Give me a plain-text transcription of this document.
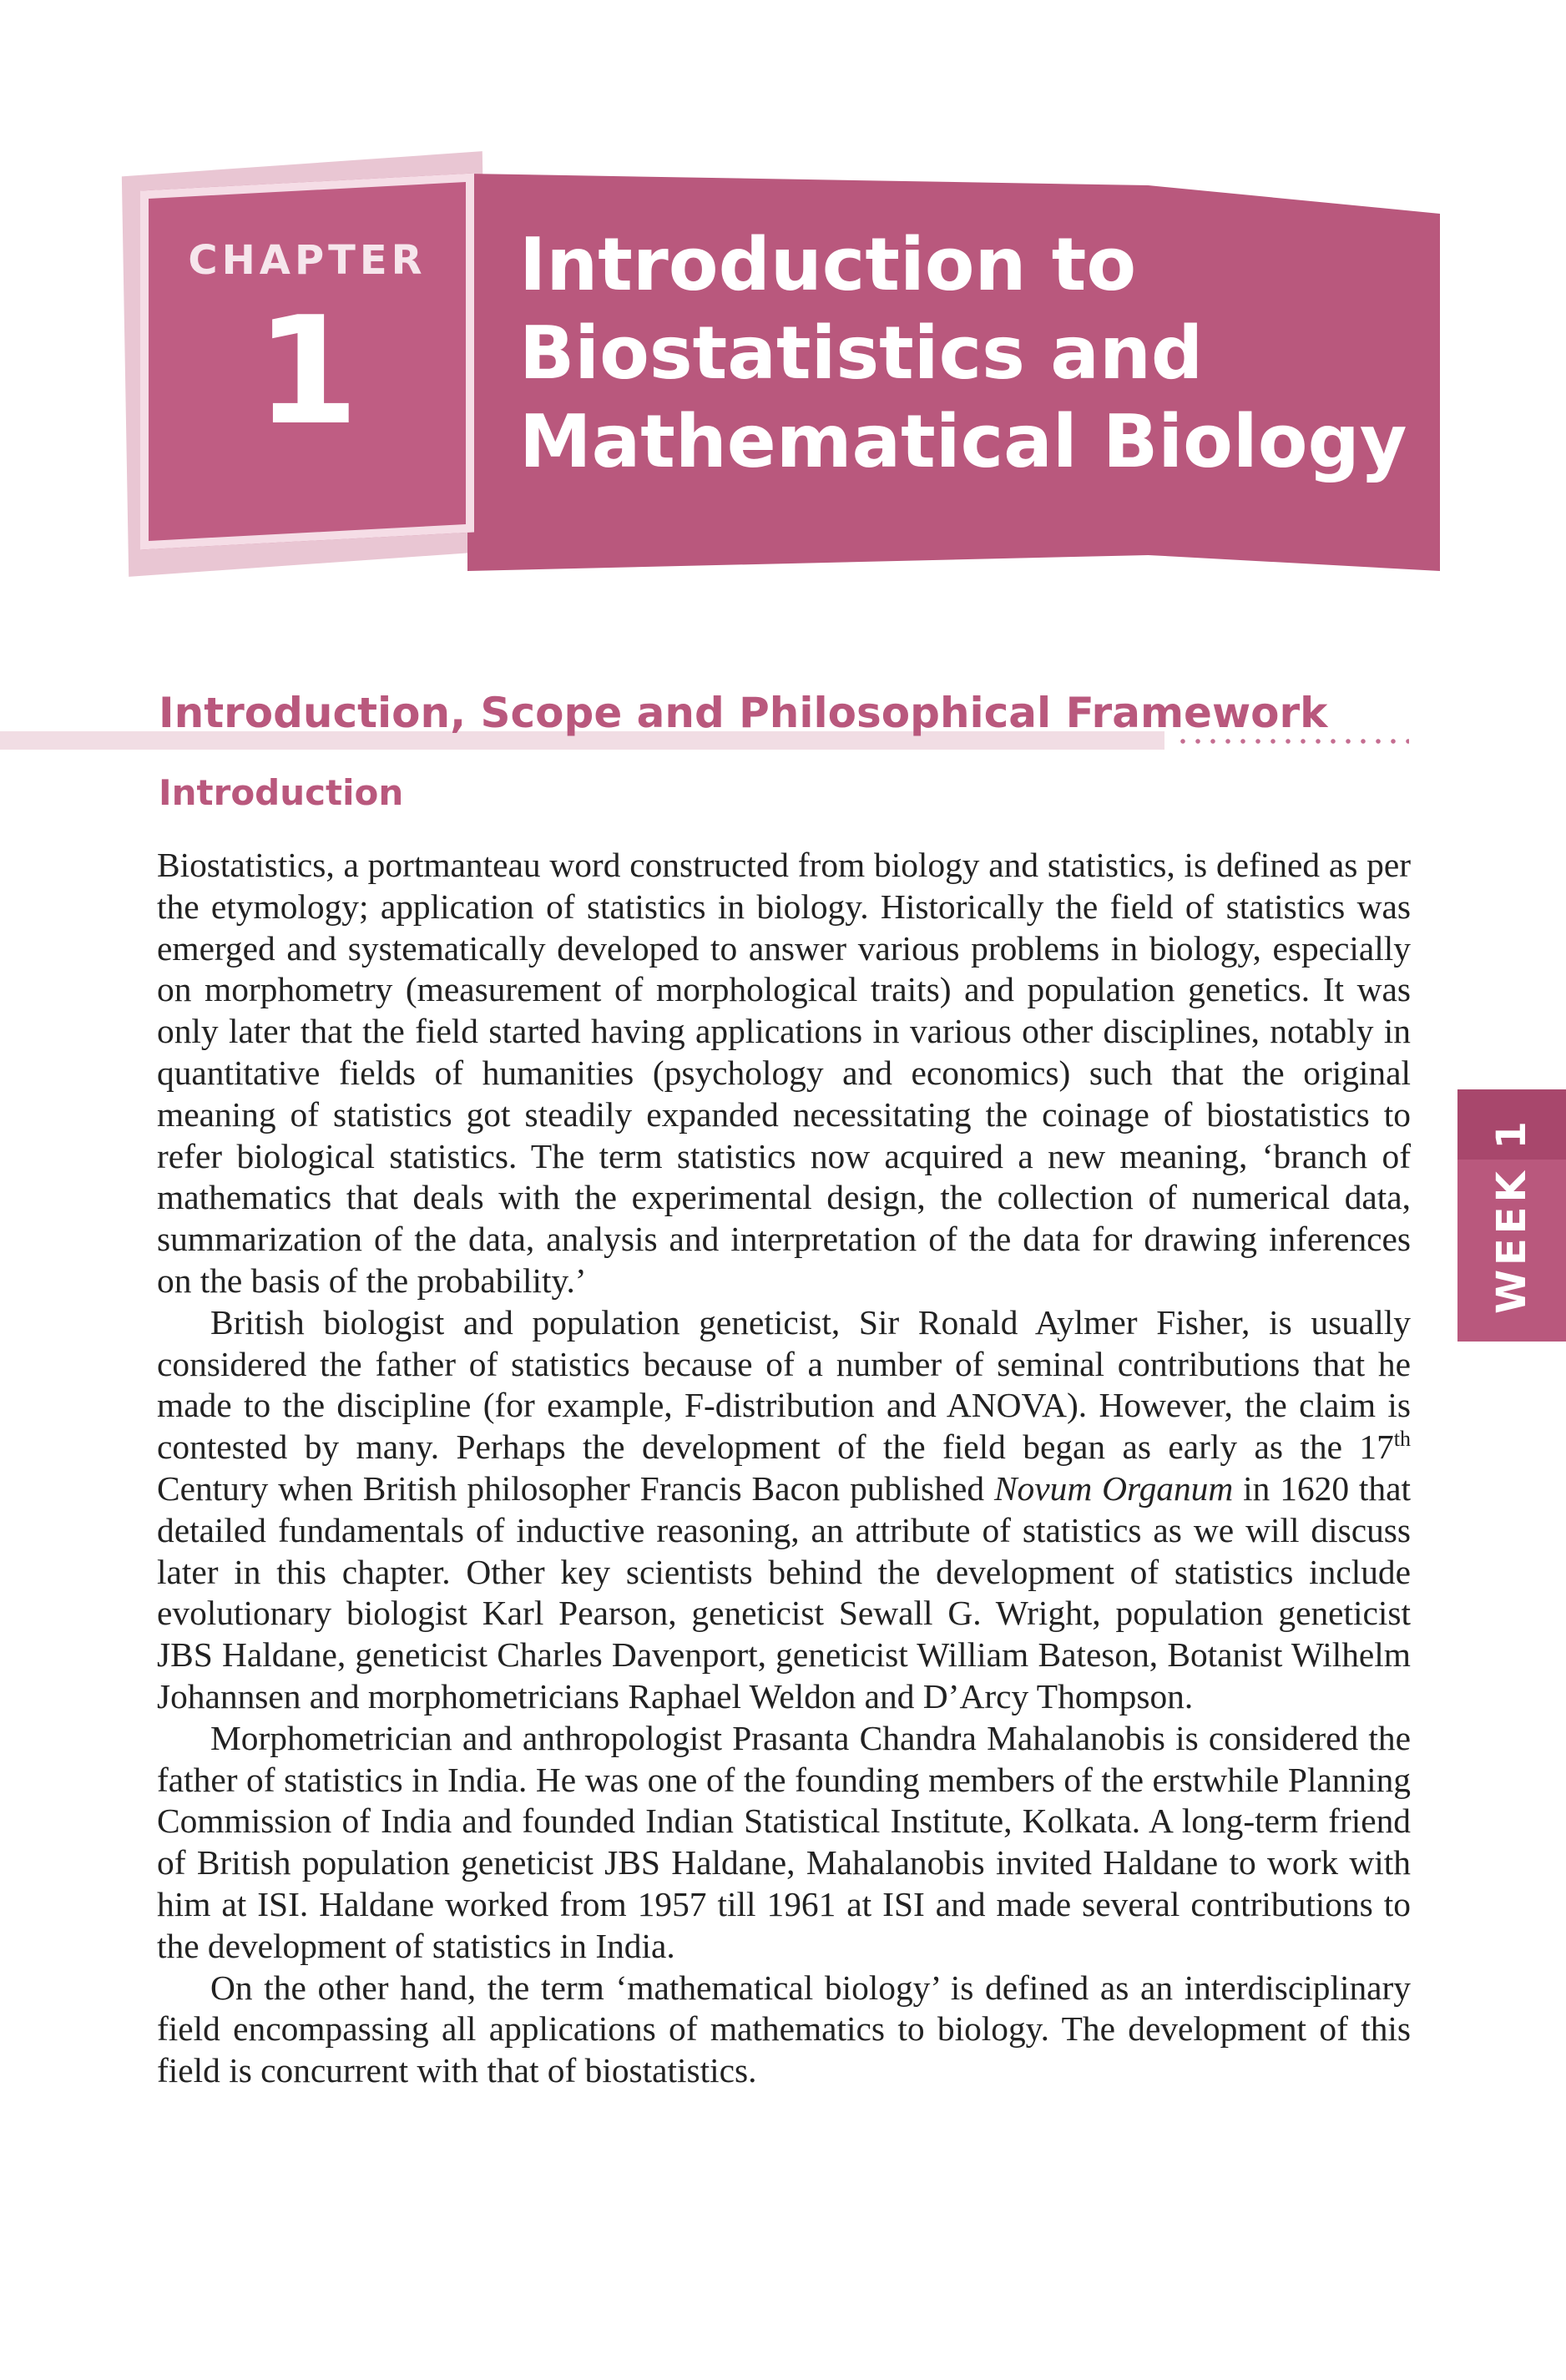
CHAPTER
1
Introduction to
Biostatistics and
Mathematical Biology
Introduction, Scope and Philosophical Framework
Introduction

Biostatistics, a portmanteau word constructed from biology and statistics, is defined as per the etymology; application of statistics in biology. Historically the field of statistics was emerged and systematically developed to answer various problems in biology, especially on morphometry (measurement of morphological traits) and population genetics. It was only later that the field started having applications in various other disciplines, notably in quantitative fields of humanities (psychology and economics) such that the original meaning of statistics got steadily expanded necessitating the coinage of biostatistics to refer biological statistics. The term statistics now acquired a new meaning, ‘branch of mathematics that deals with the experimental design, the collection of numerical data, summarization of the data, analysis and interpretation of the data for drawing inferences on the basis of the probability.’

British biologist and population geneticist, Sir Ronald Aylmer Fisher, is usually considered the father of statistics because of a number of seminal contributions that he made to the discipline (for example, F-distribution and ANOVA). However, the claim is contested by many. Perhaps the development of the field began as early as the 17th Century when British philosopher Francis Bacon published Novum Organum in 1620 that detailed fundamentals of inductive reasoning, an attribute of statistics as we will discuss later in this chapter. Other key scientists behind the development of statistics include evolutionary biologist Karl Pearson, geneticist Sewall G. Wright, population geneticist JBS Haldane, geneticist Charles Davenport, geneticist William Bateson, Botanist Wilhelm Johannsen and morphometricians Raphael Weldon and D’Arcy Thompson.

Morphometrician and anthropologist Prasanta Chandra Mahalanobis is considered the father of statistics in India. He was one of the founding members of the erstwhile Planning Commission of India and founded Indian Statistical Institute, Kolkata. A long-term friend of British population geneticist JBS Haldane, Mahalanobis invited Haldane to work with him at ISI. Haldane worked from 1957 till 1961 at ISI and made several contributions to the development of statistics in India.

On the other hand, the term ‘mathematical biology’ is defined as an interdisciplinary field encompassing all applications of mathematics to biology. The development of this field is concurrent with that of biostatistics.

WEEK 1
